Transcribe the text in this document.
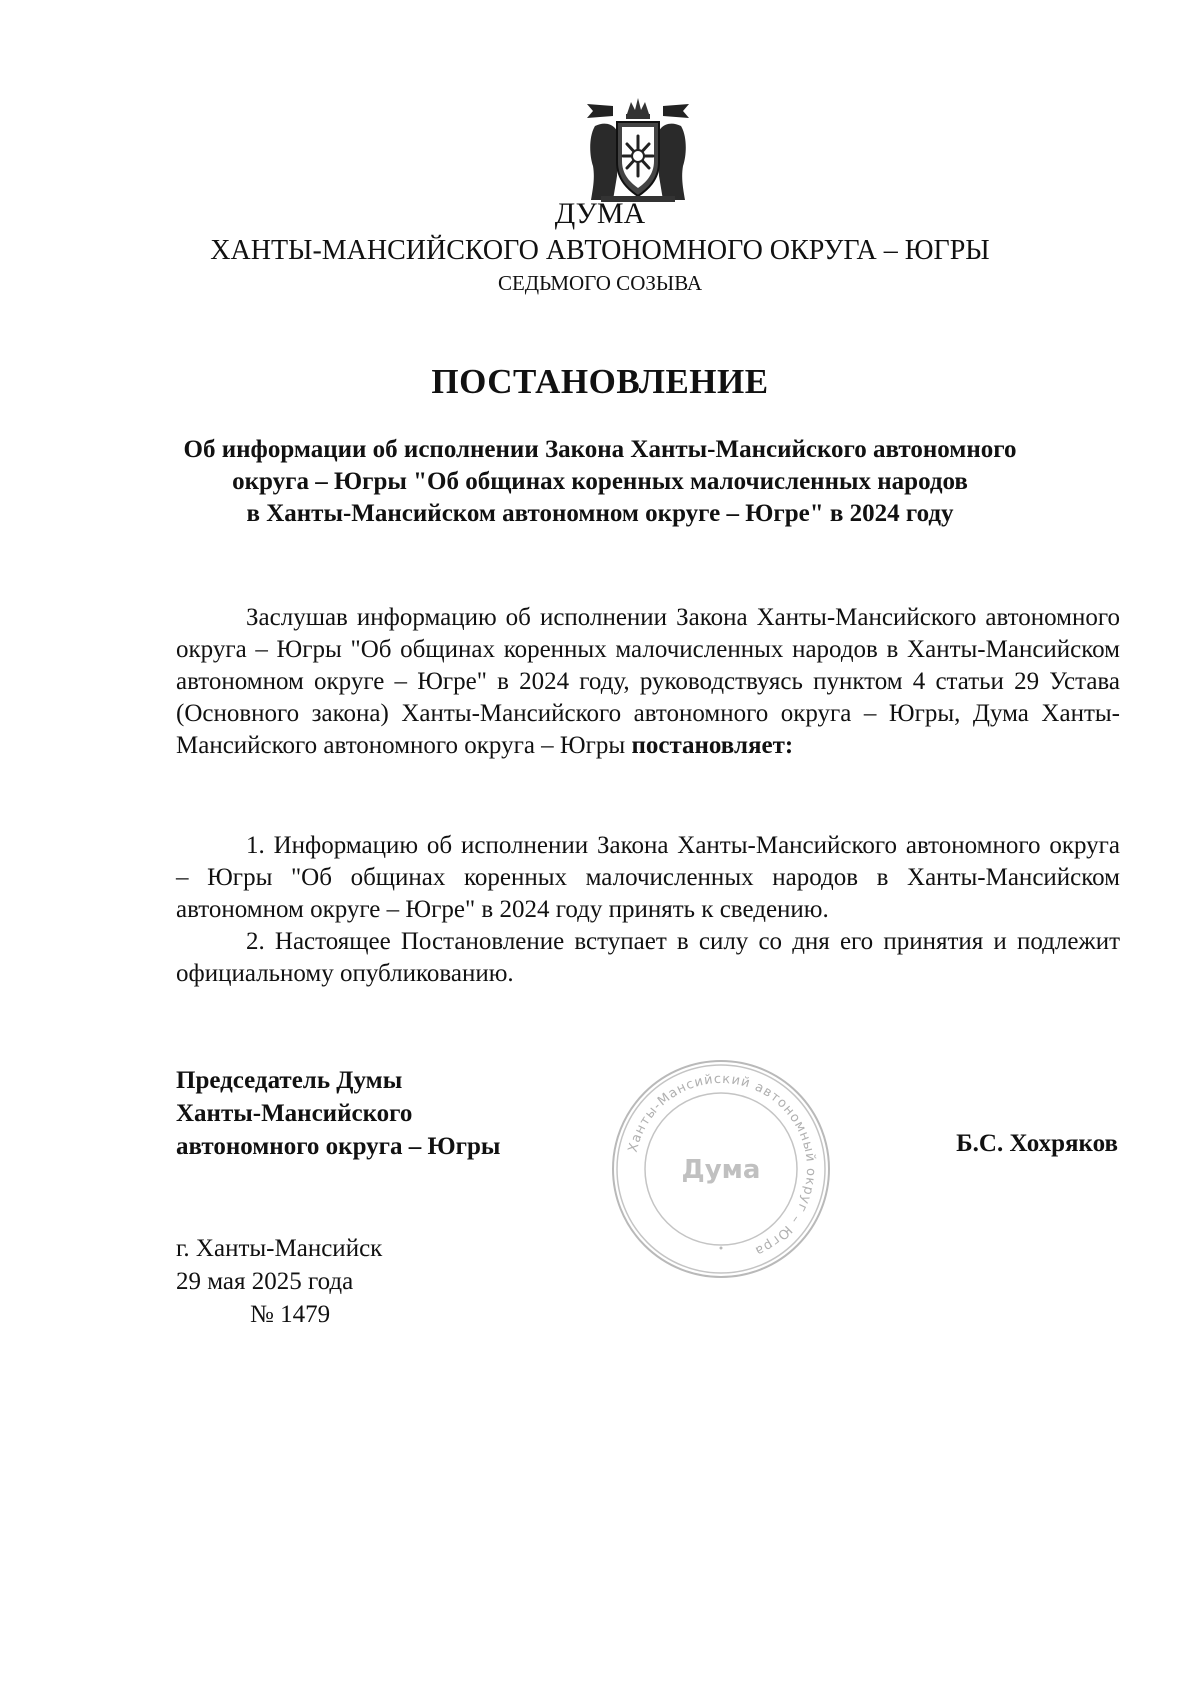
ДУМА
ХАНТЫ-МАНСИЙСКОГО АВТОНОМНОГО ОКРУГА – ЮГРЫ
СЕДЬМОГО СОЗЫВА
ПОСТАНОВЛЕНИЕ
Об информации об исполнении Закона Ханты-Мансийского автономного
округа – Югры "Об общинах коренных малочисленных народов
в Ханты-Мансийском автономном округе – Югре" в 2024 году
Заслушав информацию об исполнении Закона Ханты-Мансийского автономного округа – Югры "Об общинах коренных малочисленных народов в Ханты-Мансийском автономном округе – Югре" в 2024 году, руководствуясь пунктом 4 статьи 29 Устава (Основного закона) Ханты-Мансийского автономного округа – Югры, Дума Ханты-Мансийского автономного округа – Югры постановляет:
1. Информацию об исполнении Закона Ханты-Мансийского автономного округа – Югры "Об общинах коренных малочисленных народов в Ханты-Мансийском автономном округе – Югре" в 2024 году принять к сведению.
2. Настоящее Постановление вступает в силу со дня его принятия и подлежит официальному опубликованию.
Председатель Думы
Ханты-Мансийского
автономного округа – Югры	Ханты-Мансийский автономный округ – Югра
Дума
Б.С. Хохряков
г. Ханты-Мансийск
29 мая 2025 года
№ 1479
